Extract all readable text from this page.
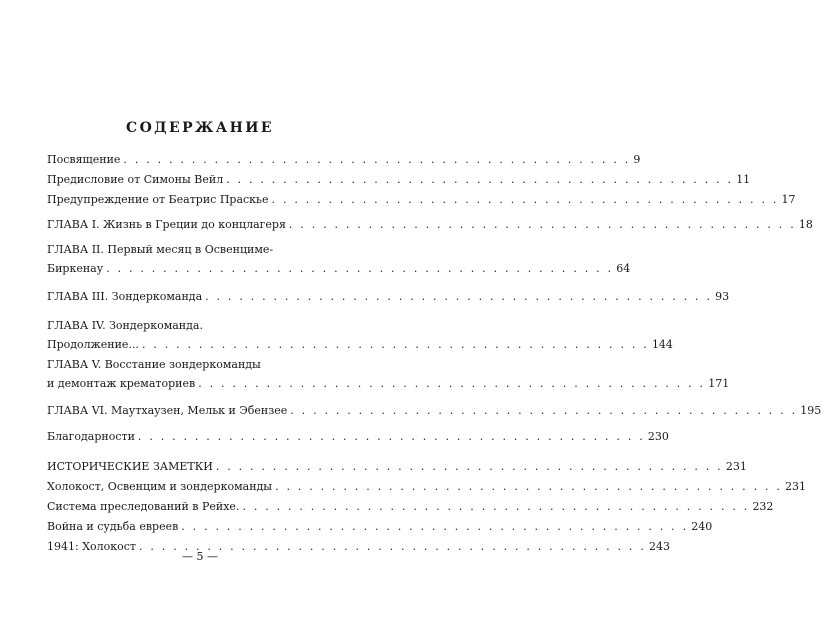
СОДЕРЖАНИЕ
Посвящение . . . . . . . . . . . . . . . . . . . . . . . . . . . . . . . . . . . . . . . . . . . . . 9
Предисловие от Симоны Вейл . . . . . . . . . . . . . . . . . . . . . . . . . . . . . . . . . . . . . . . . . . . . . 11
Предупреждение от Беатрис Праскье . . . . . . . . . . . . . . . . . . . . . . . . . . . . . . . . . . . . . . . . . . . . . 17
ГЛАВА I. Жизнь в Греции до концлагеря . . . . . . . . . . . . . . . . . . . . . . . . . . . . . . . . . . . . . . . . . . . . . 18
ГЛАВА II. Первый месяц в Освенциме-
Биркенау . . . . . . . . . . . . . . . . . . . . . . . . . . . . . . . . . . . . . . . . . . . . . 64
ГЛАВА III. Зондеркоманда . . . . . . . . . . . . . . . . . . . . . . . . . . . . . . . . . . . . . . . . . . . . . 93
ГЛАВА IV. Зондеркоманда.
Продолжение... . . . . . . . . . . . . . . . . . . . . . . . . . . . . . . . . . . . . . . . . . . . . . 144
ГЛАВА V. Восстание зондеркоманды
и демонтаж крематориев . . . . . . . . . . . . . . . . . . . . . . . . . . . . . . . . . . . . . . . . . . . . . 171
ГЛАВА VI. Маутхаузен, Мельк и Эбензее . . . . . . . . . . . . . . . . . . . . . . . . . . . . . . . . . . . . . . . . . . . . . 195
Благодарности . . . . . . . . . . . . . . . . . . . . . . . . . . . . . . . . . . . . . . . . . . . . . 230
ИСТОРИЧЕСКИЕ ЗАМЕТКИ . . . . . . . . . . . . . . . . . . . . . . . . . . . . . . . . . . . . . . . . . . . . . 231
Холокост, Освенцим и зондеркоманды . . . . . . . . . . . . . . . . . . . . . . . . . . . . . . . . . . . . . . . . . . . . . 231
Система преследований в Рейхе. . . . . . . . . . . . . . . . . . . . . . . . . . . . . . . . . . . . . . . . . . . . . . 232
Война и судьба евреев . . . . . . . . . . . . . . . . . . . . . . . . . . . . . . . . . . . . . . . . . . . . . 240
1941: Холокост . . . . . . . . . . . . . . . . . . . . . . . . . . . . . . . . . . . . . . . . . . . . . 243
— 5 —
